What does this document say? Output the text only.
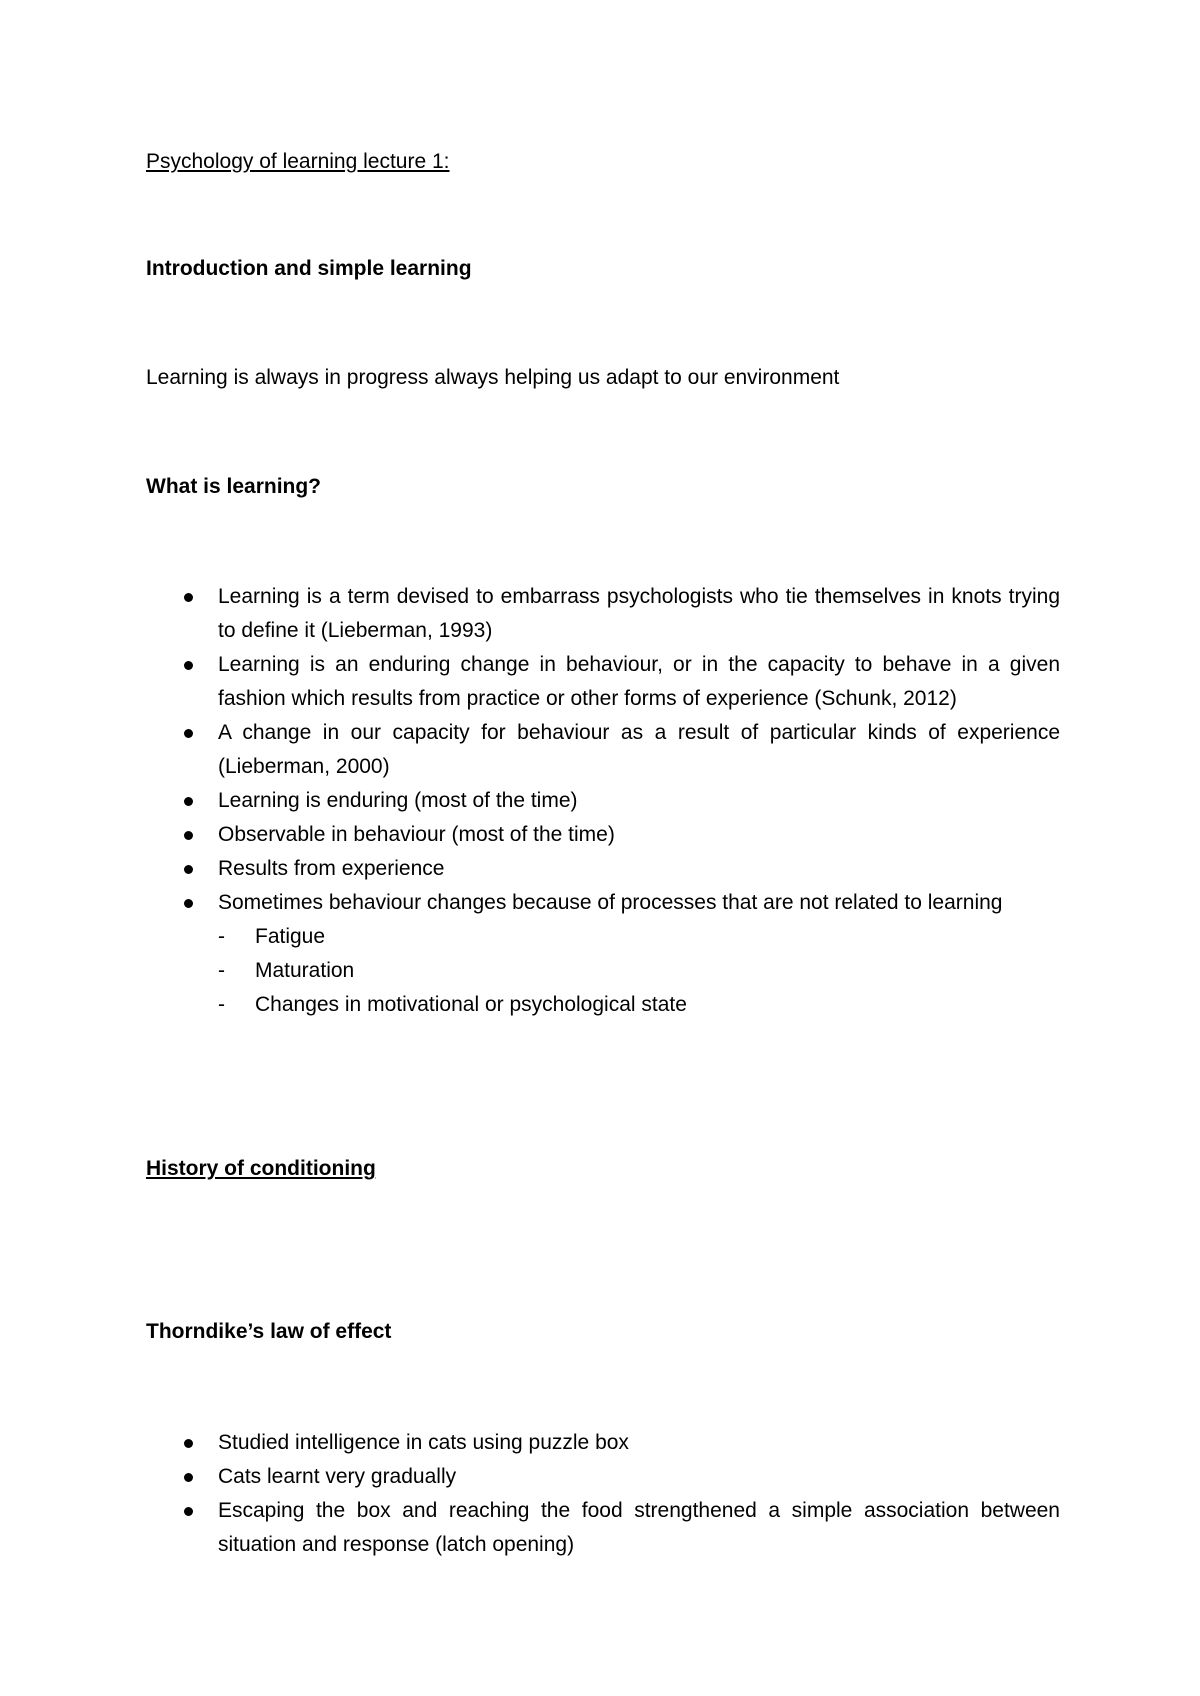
Psychology of learning lecture 1:
Introduction and simple learning
Learning is always in progress always helping us adapt to our environment
What is learning?
Learning is a term devised to embarrass psychologists who tie themselves in knots trying to define it (Lieberman, 1993)
Learning is an enduring change in behaviour, or in the capacity to behave in a given fashion which results from practice or other forms of experience (Schunk, 2012)
A change in our capacity for behaviour as a result of particular kinds of experience (Lieberman, 2000)
Learning is enduring (most of the time)
Observable in behaviour (most of the time)
Results from experience
Sometimes behaviour changes because of processes that are not related to learning
- Fatigue
- Maturation
- Changes in motivational or psychological state
History of conditioning
Thorndike’s law of effect
Studied intelligence in cats using puzzle box
Cats learnt very gradually
Escaping the box and reaching the food strengthened a simple association between situation and response (latch opening)
